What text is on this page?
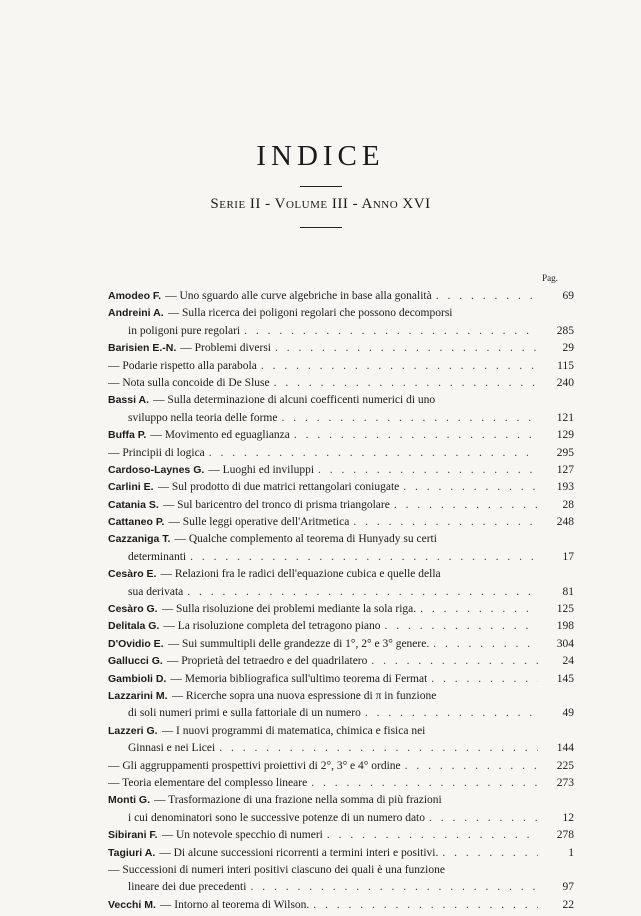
INDICE
Serie II - Volume III - Anno XVI
Pag.
Amodeo F. — Uno sguardo alle curve algebriche in base alla gonalità . . .	69
Andreini A. — Sulla ricerca dei poligoni regolari che possono decomporsi
in poligoni pure regolari . . .	285
Barisien E.-N. — Problemi diversi . . .	29
— Podarie rispetto alla parabola . . .	115
— Nota sulla concoide di De Sluse . . .	240
Bassi A. — Sulla determinazione di alcuni coefficenti numerici di uno
sviluppo nella teoria delle forme . . .	121
Buffa P. — Movimento ed eguaglianza . . .	129
— Principii di logica . . .	295
Cardoso-Laynes G. — Luoghi ed inviluppi . . .	127
Carlini E. — Sul prodotto di due matrici rettangolari coniugate . . .	193
Catania S. — Sul baricentro del tronco di prisma triangolare . . .	28
Cattaneo P. — Sulle leggi operative dell'Aritmetica . . .	248
Cazzaniga T. — Qualche complemento al teorema di Hunyady su certi
determinanti . . .	17
Cesàro E. — Relazioni fra le radici dell'equazione cubica e quelle della
sua derivata . . .	81
Cesàro G. — Sulla risoluzione dei problemi mediante la sola riga. . . .	125
Delitala G. — La risoluzione completa del tetragono piano . . .	198
D'Ovidio E. — Sui summultipli delle grandezze di 1°, 2° e 3° genere. . . .	304
Gallucci G. — Proprietà del tetraedro e del quadrilatero . . .	24
Gambioli D. — Memoria bibliografica sull'ultimo teorema di Fermat . . .	145
Lazzarini M. — Ricerche sopra una nuova espressione di π in funzione
di soli numeri primi e sulla fattoriale di un numero . . .	49
Lazzeri G. — I nuovi programmi di matematica, chimica e fisica nei
Ginnasi e nei Licei . . .	144
— Gli aggruppamenti prospettivi proiettivi di 2°, 3° e 4° ordine . . .	225
— Teoria elementare del complesso lineare . . .	273
Monti G. — Trasformazione di una frazione nella somma di più frazioni
i cui denominatori sono le successive potenze di un numero dato . . .	12
Sibirani F. — Un notevole specchio di numeri . . .	278
Tagiuri A. — Di alcune successioni ricorrenti a termini interi e positivi. . . .	1
— Successioni di numeri interi positivi ciascuno dei quali è una funzione
lineare dei due precedenti . . .	97
Vecchi M. — Intorno al teorema di Wilson. . . .	22
